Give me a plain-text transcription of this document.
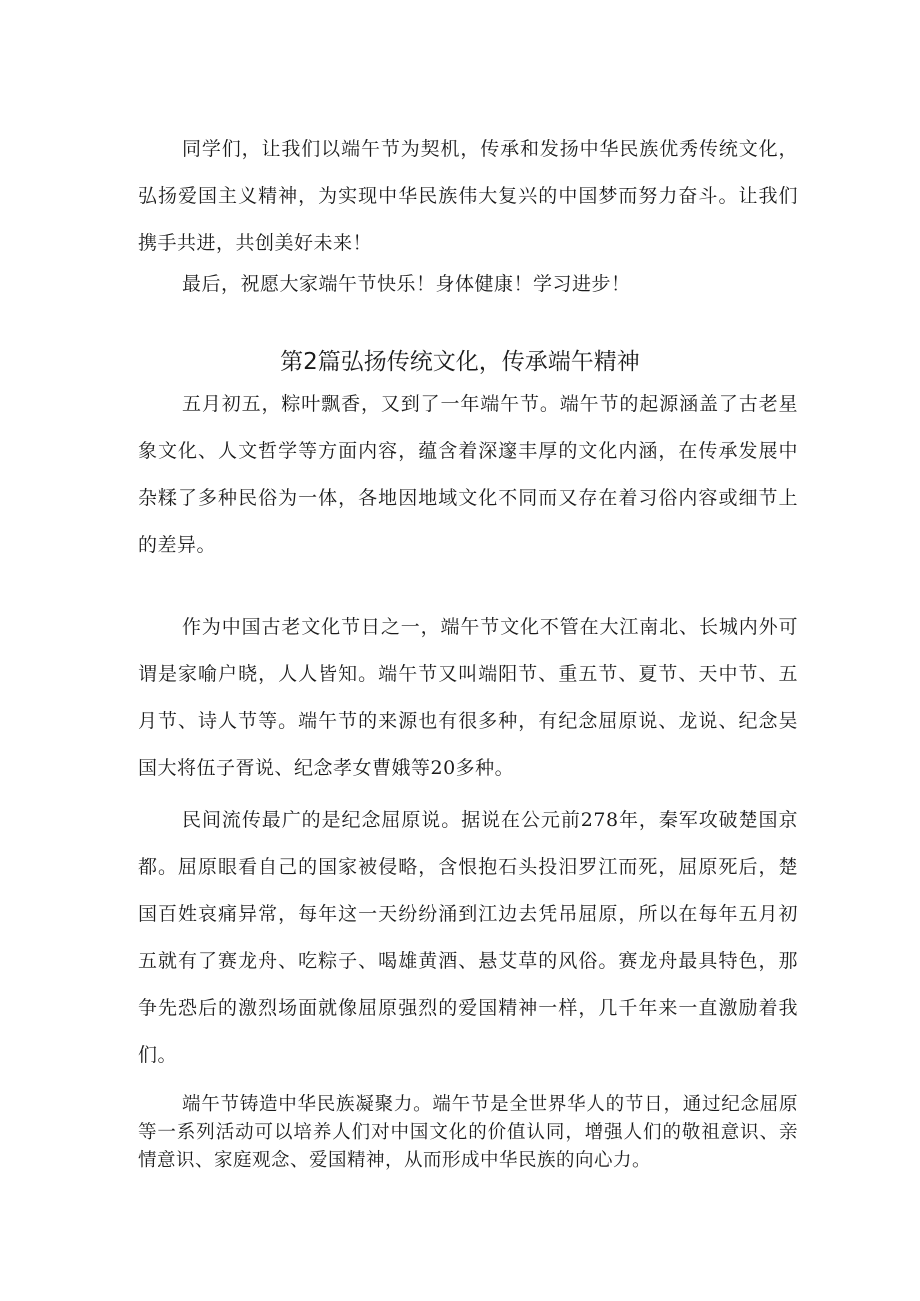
同学们，让我们以端午节为契机，传承和发扬中华民族优秀传统文化，弘扬爱国主义精神，为实现中华民族伟大复兴的中国梦而努力奋斗。让我们携手共进，共创美好未来！

最后，祝愿大家端午节快乐！身体健康！学习进步！

第2篇弘扬传统文化，传承端午精神

五月初五，粽叶飘香，又到了一年端午节。端午节的起源涵盖了古老星象文化、人文哲学等方面内容，蕴含着深邃丰厚的文化内涵，在传承发展中杂糅了多种民俗为一体，各地因地域文化不同而又存在着习俗内容或细节上的差异。

作为中国古老文化节日之一，端午节文化不管在大江南北、长城内外可谓是家喻户晓，人人皆知。端午节又叫端阳节、重五节、夏节、天中节、五月节、诗人节等。端午节的来源也有很多种，有纪念屈原说、龙说、纪念吴国大将伍子胥说、纪念孝女曹娥等20多种。

民间流传最广的是纪念屈原说。据说在公元前278年，秦军攻破楚国京都。屈原眼看自己的国家被侵略，含恨抱石头投汨罗江而死，屈原死后，楚国百姓哀痛异常，每年这一天纷纷涌到江边去凭吊屈原，所以在每年五月初五就有了赛龙舟、吃粽子、喝雄黄酒、悬艾草的风俗。赛龙舟最具特色，那争先恐后的激烈场面就像屈原强烈的爱国精神一样，几千年来一直激励着我们。

端午节铸造中华民族凝聚力。端午节是全世界华人的节日，通过纪念屈原等一系列活动可以培养人们对中国文化的价值认同，增强人们的敬祖意识、亲情意识、家庭观念、爱国精神，从而形成中华民族的向心力。
